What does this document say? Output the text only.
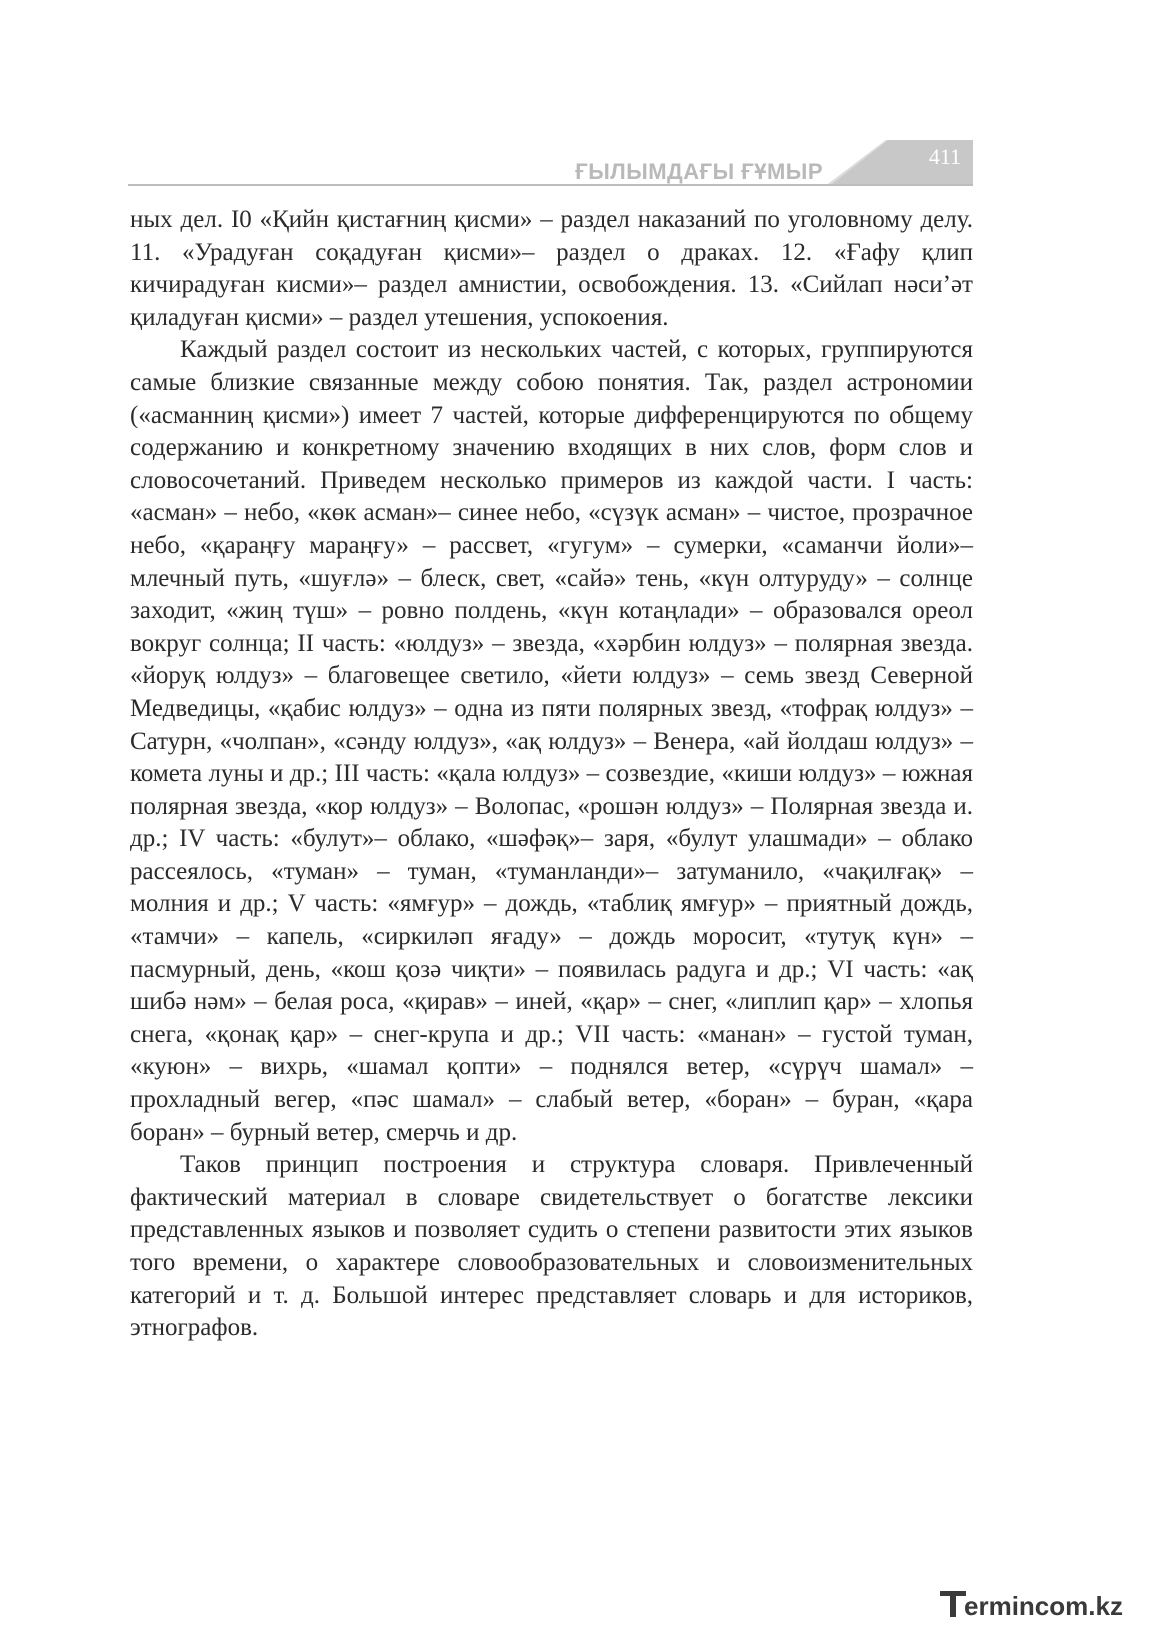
ҒЫЛЫМДАҒЫ ҒҰМЫР
411

ных дел. I0 «Қийн қистағниң қисми» – раздел наказаний по уголовному делу. 11. «Урадуған соқадуған қисми»– раздел о драках. 12. «Ғафу қлип кичирадуған кисми»– раздел амнистии, освобождения. 13. «Сийлап нәси’әт қиладуған қисми» – раздел утешения, успокоения.

Каждый раздел состоит из нескольких частей, с которых, группируются самые близкие связанные между собою понятия. Так, раздел астрономии («асманниң қисми») имеет 7 частей, которые дифференцируются по общему содержанию и конкретному значению входящих в них слов, форм слов и словосочетаний. Приведем несколько примеров из каждой части. I часть: «асман» – небо, «көк асман»– синее небо, «сүзүк асман» – чистое, прозрачное небо, «қараңғу мараңғу» – рассвет, «гугум» – сумерки, «саманчи йоли»– млечный путь, «шуғлә» – блеск, свет, «сайә» тень, «күн олтуруду» – солнце заходит, «жиң түш» – ровно полдень, «күн котаңлади» – образовался ореол вокруг солнца; II часть: «юлдуз» – звезда, «хәрбин юлдуз» – полярная звезда. «йоруқ юлдуз» – благовещее светило, «йети юлдуз» – семь звезд Северной Медведицы, «қабис юлдуз» – одна из пяти полярных звезд, «тофрақ юлдуз» – Сатурн, «чолпан», «сәнду юлдуз», «ақ юлдуз» – Венера, «ай йолдаш юлдуз» – комета луны и др.; III часть: «қала юлдуз» – созвездие, «киши юлдуз» – южная полярная звезда, «кор юлдуз» – Волопас, «рошән юлдуз» – Полярная звезда и. др.; IV часть: «булут»– облако, «шәфәқ»– заря, «булут улашмади» – облако рассеялось, «туман» – туман, «туманланди»– затуманило, «чақилғақ» – молния и др.; V часть: «ямғур» – дождь, «таблиқ ямғур» – приятный дождь, «тамчи» – капель, «сиркиләп яғаду» – дождь моросит, «тутуқ күн» – пасмурный, день, «кош қозә чиқти» – появилась радуга и др.; VI часть: «ақ шибә нәм» – белая роса, «қирав» – иней, «қар» – снег, «липлип қар» – хлопья снега, «қонақ қар» – снег-крупа и др.; VII часть: «манан» – густой туман, «куюн» – вихрь, «шамал қопти» – поднялся ветер, «сүрүч шамал» – прохладный вегер, «пәс шамал» – слабый ветер, «боран» – буран, «қара боран» – бурный ветер, смерчь и др.

Таков принцип построения и структура словаря. Привлеченный фактический материал в словаре свидетельствует о богатстве лексики представленных языков и позволяет судить о степени развитости этих языков того времени, о характере словообразовательных и словоизменительных категорий и т. д. Большой интерес представляет словарь и для историков, этнографов.

ermincom.kz
